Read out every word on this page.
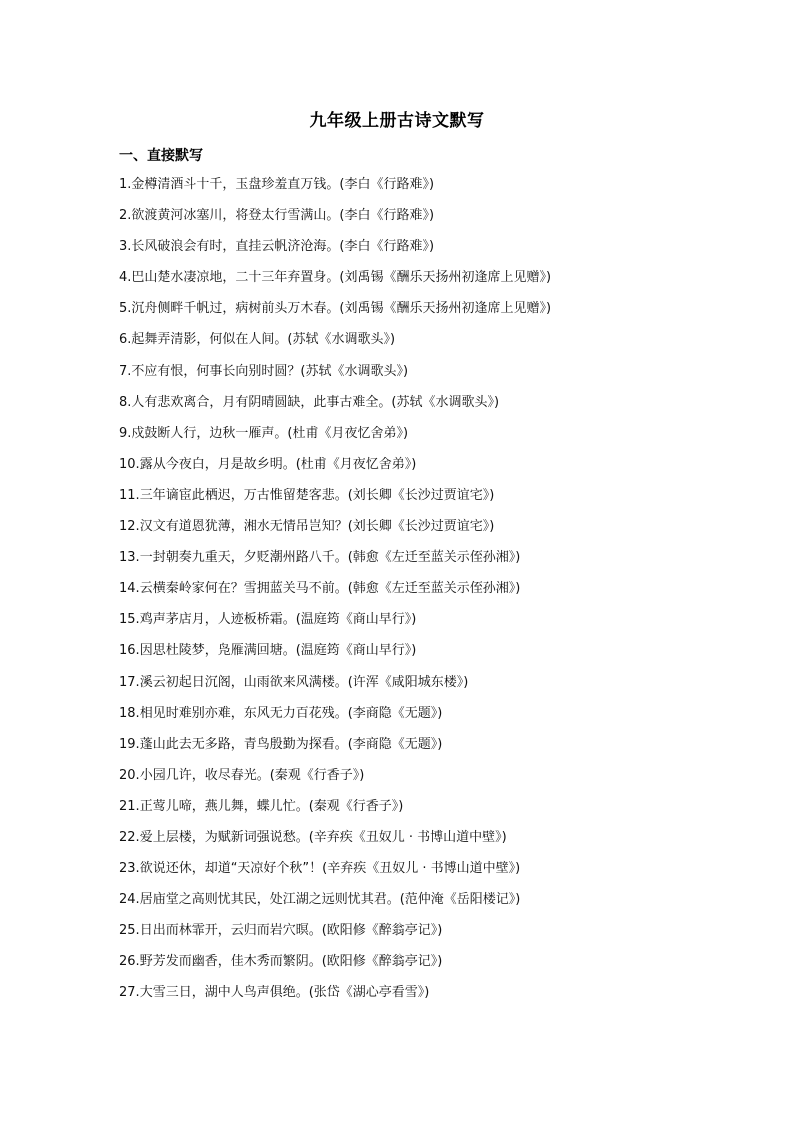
九年级上册古诗文默写
一、直接默写
1.金樽清酒斗十千，玉盘珍羞直万钱。(李白《行路难》)
2.欲渡黄河冰塞川，将登太行雪满山。(李白《行路难》)
3.长风破浪会有时，直挂云帆济沧海。(李白《行路难》)
4.巴山楚水凄凉地，二十三年弃置身。(刘禹锡《酬乐天扬州初逢席上见赠》)
5.沉舟侧畔千帆过，病树前头万木春。(刘禹锡《酬乐天扬州初逢席上见赠》)
6.起舞弄清影，何似在人间。(苏轼《水调歌头》)
7.不应有恨，何事长向别时圆？(苏轼《水调歌头》)
8.人有悲欢离合，月有阴晴圆缺，此事古难全。(苏轼《水调歌头》)
9.戍鼓断人行，边秋一雁声。(杜甫《月夜忆舍弟》)
10.露从今夜白，月是故乡明。(杜甫《月夜忆舍弟》)
11.三年谪宦此栖迟，万古惟留楚客悲。(刘长卿《长沙过贾谊宅》)
12.汉文有道恩犹薄，湘水无情吊岂知？(刘长卿《长沙过贾谊宅》)
13.一封朝奏九重天，夕贬潮州路八千。(韩愈《左迁至蓝关示侄孙湘》)
14.云横秦岭家何在？雪拥蓝关马不前。(韩愈《左迁至蓝关示侄孙湘》)
15.鸡声茅店月，人迹板桥霜。(温庭筠《商山早行》)
16.因思杜陵梦，凫雁满回塘。(温庭筠《商山早行》)
17.溪云初起日沉阁，山雨欲来风满楼。(许浑《咸阳城东楼》)
18.相见时难别亦难，东风无力百花残。(李商隐《无题》)
19.蓬山此去无多路，青鸟殷勤为探看。(李商隐《无题》)
20.小园几许，收尽春光。(秦观《行香子》)
21.正莺儿啼，燕儿舞，蝶儿忙。(秦观《行香子》)
22.爱上层楼，为赋新词强说愁。(辛弃疾《丑奴儿 · 书博山道中壁》)
23.欲说还休，却道“天凉好个秋”！(辛弃疾《丑奴儿 · 书博山道中壁》)
24.居庙堂之高则忧其民，处江湖之远则忧其君。(范仲淹《岳阳楼记》)
25.日出而林霏开，云归而岩穴暝。(欧阳修《醉翁亭记》)
26.野芳发而幽香，佳木秀而繁阴。(欧阳修《醉翁亭记》)
27.大雪三日，湖中人鸟声俱绝。(张岱《湖心亭看雪》)
